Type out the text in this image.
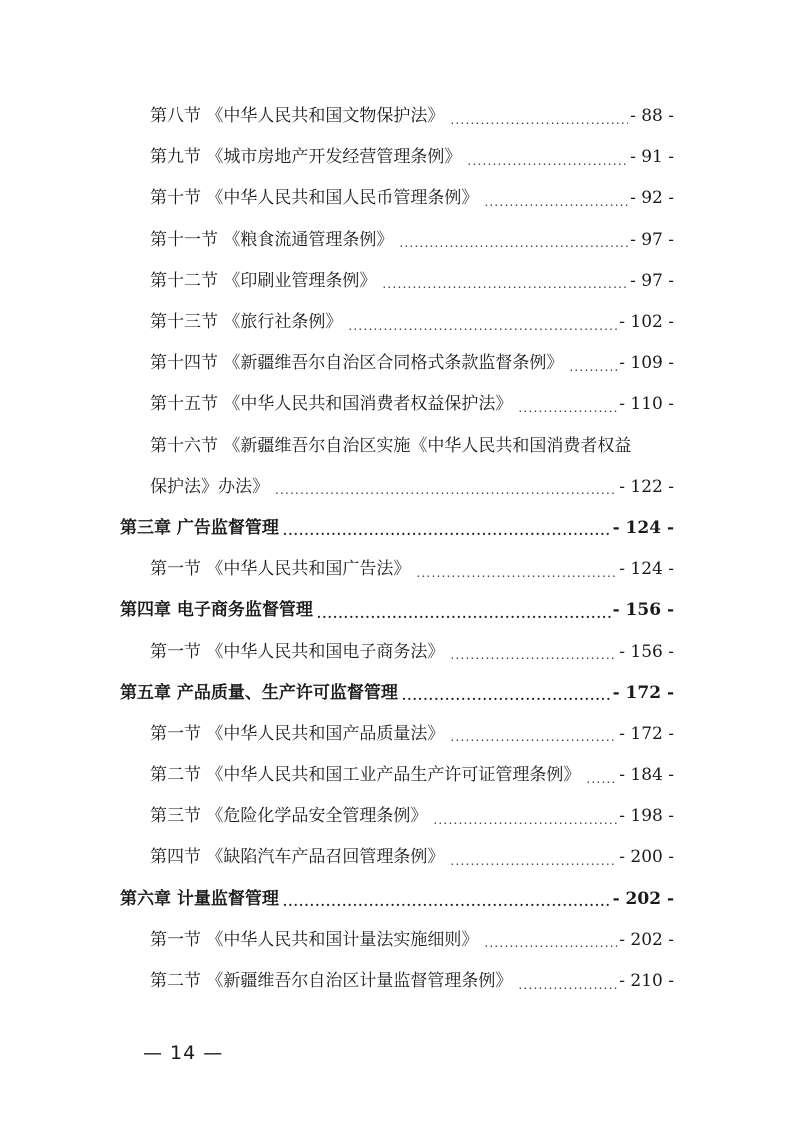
第八节 《中华人民共和国文物保护法》 .....	- 88 -
第九节 《城市房地产开发经营管理条例》 .....	- 91 -
第十节 《中华人民共和国人民币管理条例》 .....	- 92 -
第十一节 《粮食流通管理条例》 .....	- 97 -
第十二节 《印刷业管理条例》 .....	- 97 -
第十三节 《旅行社条例》 .....	- 102 -
第十四节 《新疆维吾尔自治区合同格式条款监督条例》 .....	- 109 -
第十五节 《中华人民共和国消费者权益保护法》 .....	- 110 -
第十六节 《新疆维吾尔自治区实施《中华人民共和国消费者权益
保护法》办法》 .....	- 122 -
第三章 广告监督管理 .....	- 124 -
第一节 《中华人民共和国广告法》 .....	- 124 -
第四章 电子商务监督管理 .....	- 156 -
第一节 《中华人民共和国电子商务法》 .....	- 156 -
第五章 产品质量、生产许可监督管理 .....	- 172 -
第一节 《中华人民共和国产品质量法》 .....	- 172 -
第二节 《中华人民共和国工业产品生产许可证管理条例》 ..... - 184 -
第三节 《危险化学品安全管理条例》 .....	- 198 -
第四节 《缺陷汽车产品召回管理条例》 .....	- 200 -
第六章 计量监督管理 .....	- 202 -
第一节 《中华人民共和国计量法实施细则》 .....	- 202 -
第二节 《新疆维吾尔自治区计量监督管理条例》 .....	- 210 -
— 14 —
